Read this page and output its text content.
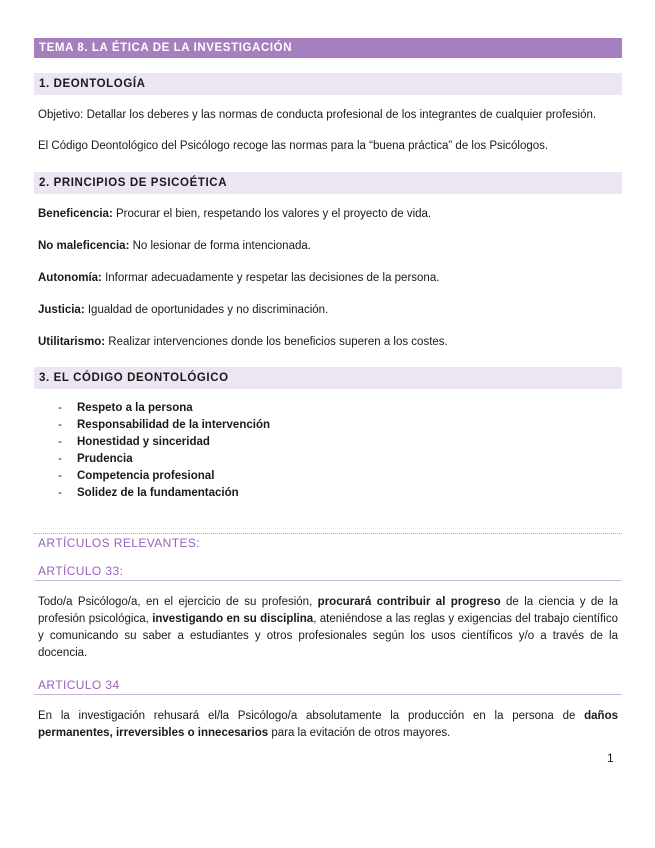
TEMA 8. LA ÉTICA DE LA INVESTIGACIÓN
1. DEONTOLOGÍA
Objetivo: Detallar los deberes y las normas de conducta profesional de los integrantes de cualquier profesión.
El Código Deontológico del Psicólogo recoge las normas para la “buena práctica” de los Psicólogos.
2. PRINCIPIOS DE PSICOÉTICA
Beneficencia: Procurar el bien, respetando los valores y el proyecto de vida.
No maleficencia: No lesionar de forma intencionada.
Autonomía: Informar adecuadamente y respetar las decisiones de la persona.
Justicia: Igualdad de oportunidades y no discriminación.
Utilitarismo: Realizar intervenciones donde los beneficios superen a los costes.
3. EL CÓDIGO DEONTOLÓGICO
- Respeto a la persona
- Responsabilidad de la intervención
- Honestidad y sinceridad
- Prudencia
- Competencia profesional
- Solidez de la fundamentación
ARTÍCULOS RELEVANTES:
ARTÍCULO 33:
Todo/a Psicólogo/a, en el ejercicio de su profesión, procurará contribuir al progreso de la ciencia y de la profesión psicológica, investigando en su disciplina, ateniéndose a las reglas y exigencias del trabajo científico y comunicando su saber a estudiantes y otros profesionales según los usos científicos y/o a través de la docencia.
ARTICULO 34
En la investigación rehusará el/la Psicólogo/a absolutamente la producción en la persona de daños permanentes, irreversibles o innecesarios para la evitación de otros mayores.
1
